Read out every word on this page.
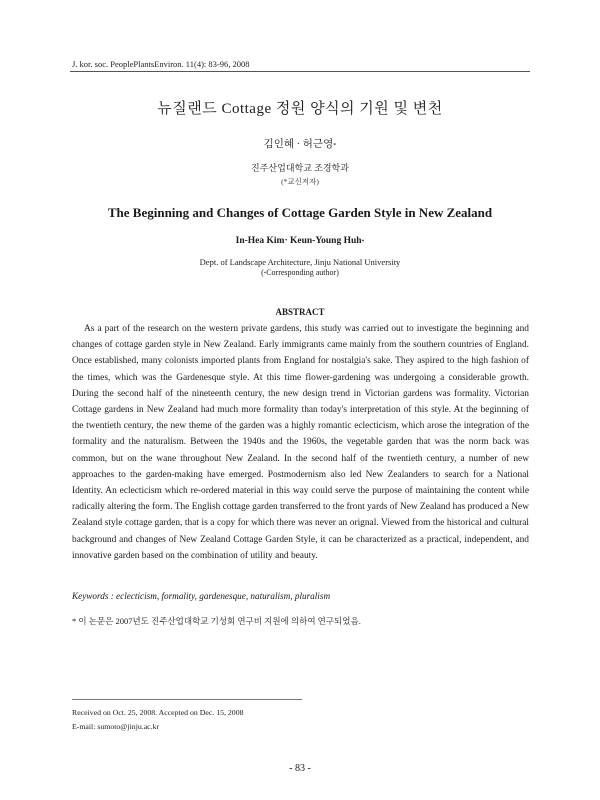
J. kor. soc. PeoplePlantsEnviron. 11(4): 83-96, 2008
뉴질랜드 Cottage 정원 양식의 기원 및 변천
김인혜 · 허근영*
진주산업대학교 조경학과
(*교신저자)
The Beginning and Changes of Cottage Garden Style in New Zealand
In-Hea Kim· Keun-Young Huh*
Dept. of Landscape Architecture, Jinju National University
(*Corresponding author)
ABSTRACT

As a part of the research on the western private gardens, this study was carried out to investigate the beginning and changes of cottage garden style in New Zealand. Early immigrants came mainly from the southern countries of England. Once established, many colonists imported plants from England for nostalgia's sake. They aspired to the high fashion of the times, which was the Gardenesque style. At this time flower-gardening was undergoing a considerable growth. During the second half of the nineteenth century, the new design trend in Victorian gardens was formality. Victorian Cottage gardens in New Zealand had much more formality than today's interpretation of this style. At the beginning of the twentieth century, the new theme of the garden was a highly romantic eclecticism, which arose the integration of the formality and the naturalism. Between the 1940s and the 1960s, the vegetable garden that was the norm back was common, but on the wane throughout New Zealand. In the second half of the twentieth century, a number of new approaches to the garden-making have emerged. Postmodernism also led New Zealanders to search for a National Identity. An eclecticism which re-ordered material in this way could serve the purpose of maintaining the content while radically altering the form. The English cottage garden transferred to the front yards of New Zealand has produced a New Zealand style cottage garden, that is a copy for which there was never an orignal. Viewed from the historical and cultural background and changes of New Zealand Cottage Garden Style, it can be characterized as a practical, independent, and innovative garden based on the combination of utility and beauty.

Keywords : eclecticism, formality, gardenesque, naturalism, pluralism
* 이 논문은 2007년도 진주산업대학교 기성회 연구비 지원에 의하여 연구되었음.
Received on Oct. 25, 2008. Accepted on Dec. 15, 2008
E-mail: sumoto@jinju.ac.kr
- 83 -
